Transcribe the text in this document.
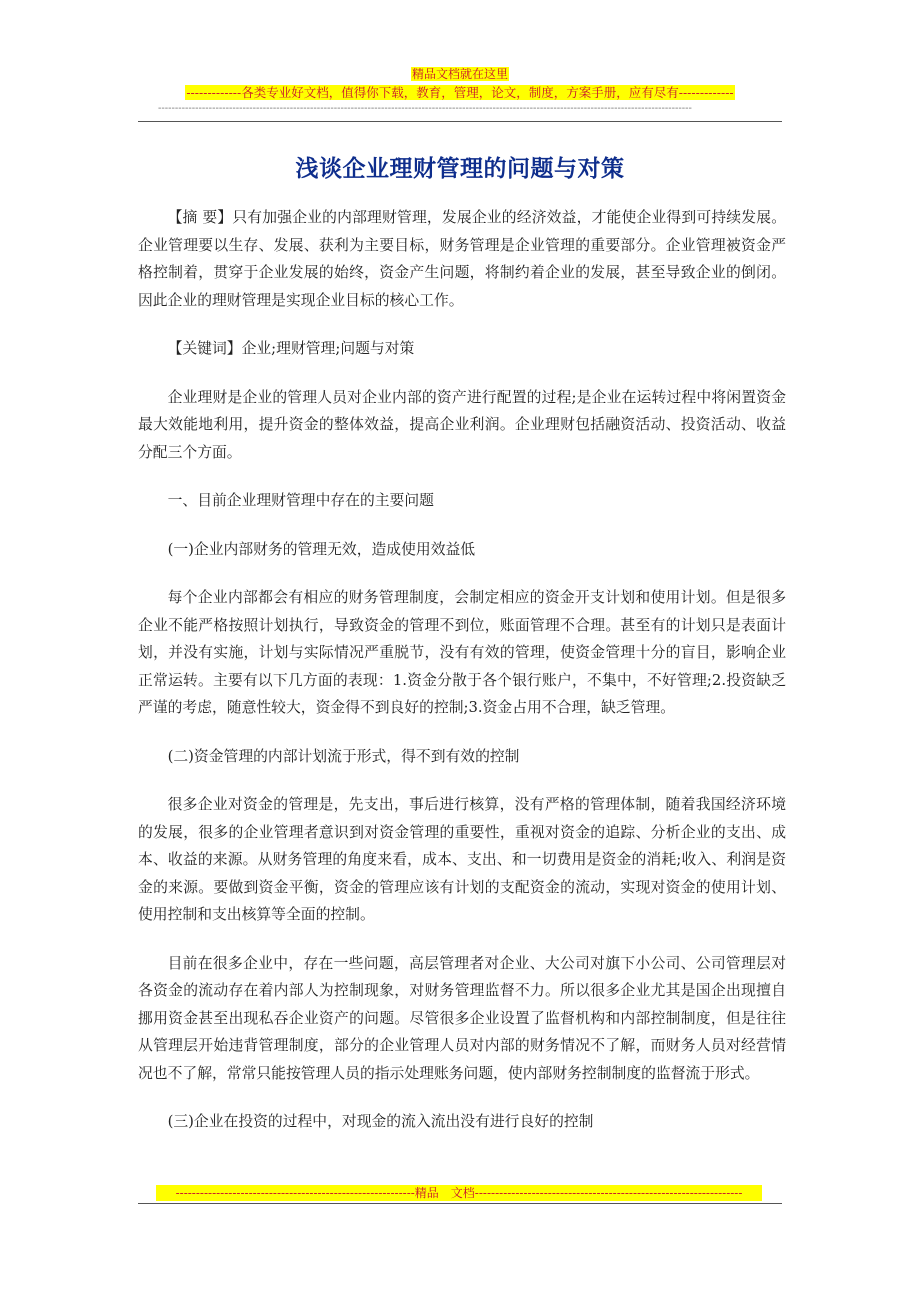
精品文档就在这里
-------------各类专业好文档，值得你下载，教育，管理，论文，制度，方案手册，应有尽有-------------
--------------------------------------------------------------------------------------------------------------------------------------------------------------
浅谈企业理财管理的问题与对策

【摘 要】只有加强企业的内部理财管理，发展企业的经济效益，才能使企业得到可持续发展。企业管理要以生存、发展、获利为主要目标，财务管理是企业管理的重要部分。企业管理被资金严格控制着，贯穿于企业发展的始终，资金产生问题，将制约着企业的发展，甚至导致企业的倒闭。因此企业的理财管理是实现企业目标的核心工作。

【关键词】企业;理财管理;问题与对策

企业理财是企业的管理人员对企业内部的资产进行配置的过程;是企业在运转过程中将闲置资金最大效能地利用，提升资金的整体效益，提高企业利润。企业理财包括融资活动、投资活动、收益分配三个方面。

一、目前企业理财管理中存在的主要问题

(一)企业内部财务的管理无效，造成使用效益低

每个企业内部都会有相应的财务管理制度，会制定相应的资金开支计划和使用计划。但是很多企业不能严格按照计划执行，导致资金的管理不到位，账面管理不合理。甚至有的计划只是表面计划，并没有实施，计划与实际情况严重脱节，没有有效的管理，使资金管理十分的盲目，影响企业正常运转。主要有以下几方面的表现：1.资金分散于各个银行账户，不集中，不好管理;2.投资缺乏严谨的考虑，随意性较大，资金得不到良好的控制;3.资金占用不合理，缺乏管理。

(二)资金管理的内部计划流于形式，得不到有效的控制

很多企业对资金的管理是，先支出，事后进行核算，没有严格的管理体制，随着我国经济环境的发展，很多的企业管理者意识到对资金管理的重要性，重视对资金的追踪、分析企业的支出、成本、收益的来源。从财务管理的角度来看，成本、支出、和一切费用是资金的消耗;收入、利润是资金的来源。要做到资金平衡，资金的管理应该有计划的支配资金的流动，实现对资金的使用计划、使用控制和支出核算等全面的控制。

目前在很多企业中，存在一些问题，高层管理者对企业、大公司对旗下小公司、公司管理层对各资金的流动存在着内部人为控制现象，对财务管理监督不力。所以很多企业尤其是国企出现擅自挪用资金甚至出现私吞企业资产的问题。尽管很多企业设置了监督机构和内部控制制度，但是往往从管理层开始违背管理制度，部分的企业管理人员对内部的财务情况不了解，而财务人员对经营情况也不了解，常常只能按管理人员的指示处理账务问题，使内部财务控制制度的监督流于形式。

(三)企业在投资的过程中，对现金的流入流出没有进行良好的控制

-----------------------------------------------------------精品　文档------------------------------------------------------------------
